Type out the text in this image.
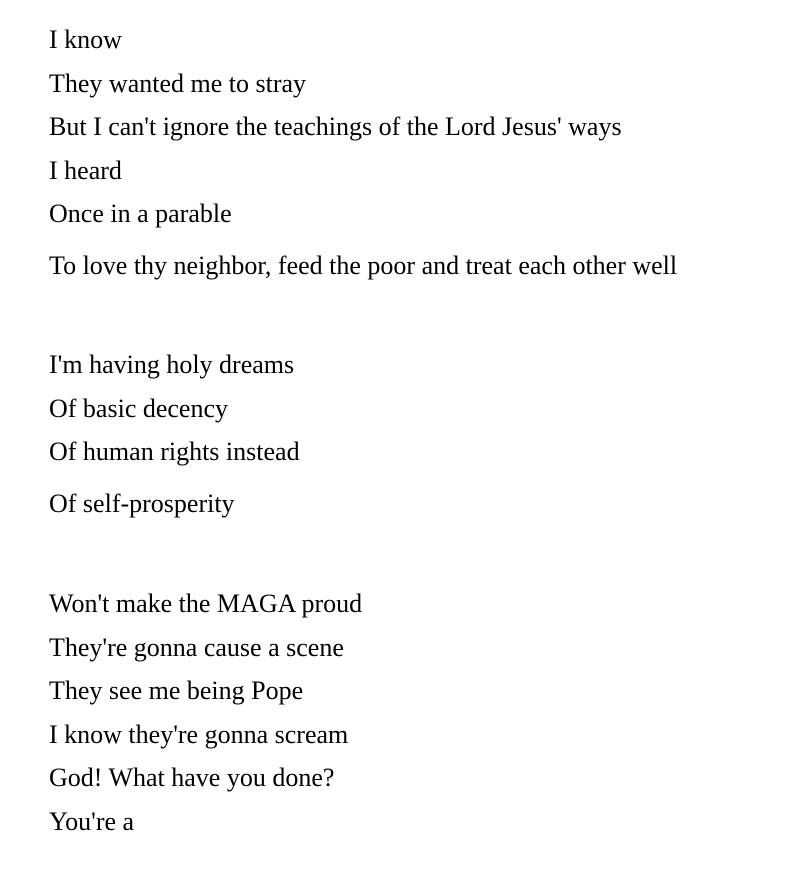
I know
They wanted me to stray
But I can't ignore the teachings of the Lord Jesus' ways
I heard
Once in a parable
To love thy neighbor, feed the poor and treat each other well
I'm having holy dreams
Of basic decency
Of human rights instead
Of self-prosperity
Won't make the MAGA proud
They're gonna cause a scene
They see me being Pope
I know they're gonna scream
God! What have you done?
You're a
